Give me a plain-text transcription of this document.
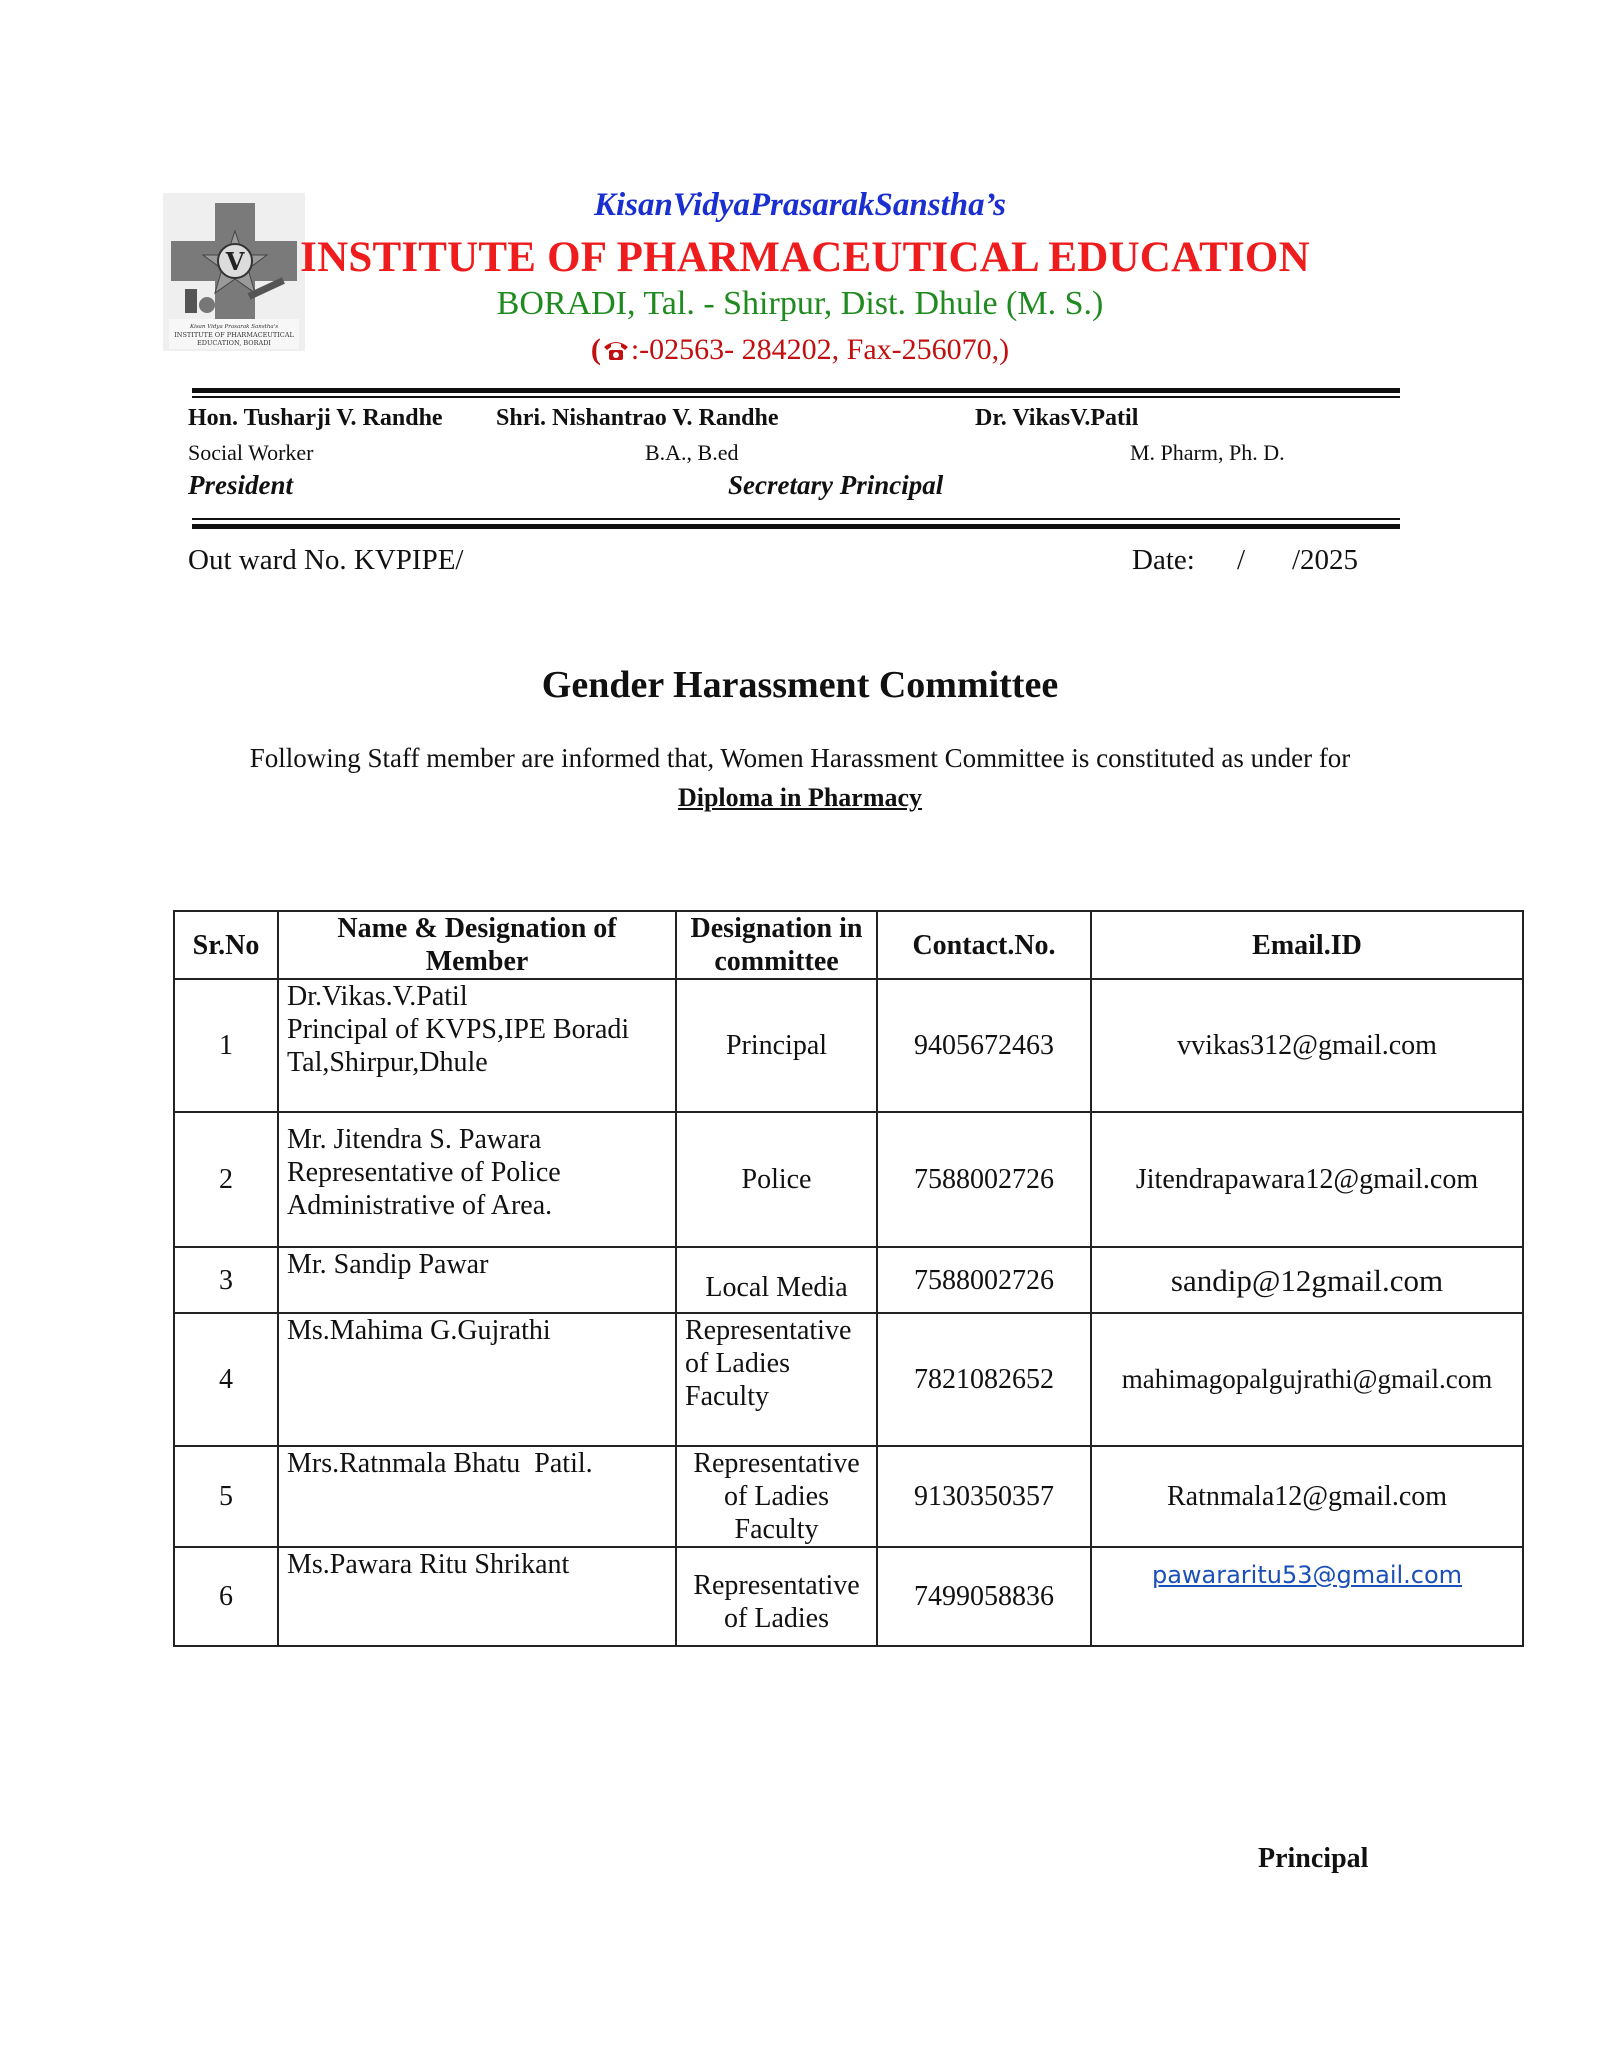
V
Kisan Vidya Prasarak Sanstha's
INSTITUTE OF PHARMACEUTICAL
EDUCATION, BORADI
KisanVidyaPrasarakSanstha’s
INSTITUTE OF PHARMACEUTICAL EDUCATION
BORADI, Tal. - Shirpur, Dist. Dhule (M. S.)
( :-02563- 284202, Fax-256070,)
Hon. Tusharji V. Randhe Shri. Nishantrao V. Randhe	Dr. VikasV.Patil
Social Worker	B.A., B.ed	M. Pharm, Ph. D.
President	Secretary Principal
Out ward No. KVPIPE/	Date: / /2025
Gender Harassment Committee
Following Staff member are informed that, Women Harassment Committee is constituted as under for
Diploma in Pharmacy
Sr.No	Name & Designation of Member	Designation in committee	Contact.No.	Email.ID
1	Dr.Vikas.V.Patil
Principal of KVPS,IPE Boradi
Tal,Shirpur,Dhule	Principal	9405672463	vvikas312@gmail.com
2	Mr. Jitendra S. Pawara
Representative of Police
Administrative of Area.	Police	7588002726	Jitendrapawara12@gmail.com
3	Mr. Sandip Pawar	Local Media	7588002726	sandip@12gmail.com
4	Ms.Mahima G.Gujrathi	Representative
of Ladies
Faculty	7821082652	mahimagopalgujrathi@gmail.com
5	Mrs.Ratnmala Bhatu  Patil.	Representative
of Ladies
Faculty	9130350357	Ratnmala12@gmail.com
6	Ms.Pawara Ritu Shrikant	Representative
of Ladies	7499058836	pawararitu53@gmail.com
Principal
